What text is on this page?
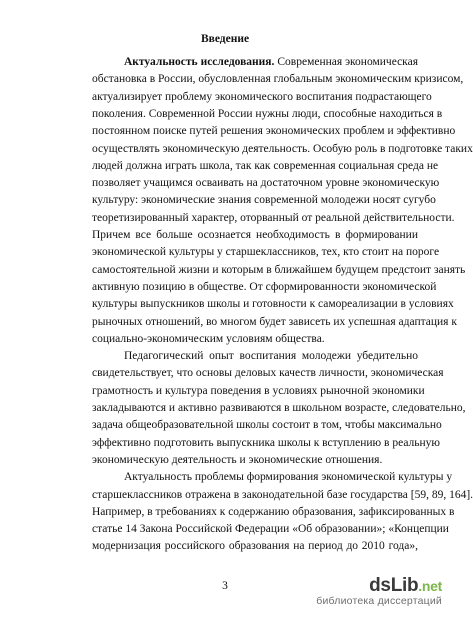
Введение
Актуальность исследования. Современная экономическая
обстановка в России, обусловленная глобальным экономическим кризисом,
актуализирует проблему экономического воспитания подрастающего
поколения. Современной России нужны люди, способные находиться в
постоянном поиске путей решения экономических проблем и эффективно
осуществлять экономическую деятельность. Особую роль в подготовке таких
людей должна играть школа, так как современная социальная среда не
позволяет учащимся осваивать на достаточном уровне экономическую
культуру: экономические знания современной молодежи носят сугубо
теоретизированный характер, оторванный от реальной действительности.
Причем все больше осознается необходимость в формировании
экономической культуры у старшеклассников, тех, кто стоит на пороге
самостоятельной жизни и которым в ближайшем будущем предстоит занять
активную позицию в обществе. От сформированности экономической
культуры выпускников школы и готовности к самореализации в условиях
рыночных отношений, во многом будет зависеть их успешная адаптация к
социально-экономическим условиям общества.
Педагогический опыт воспитания молодежи убедительно
свидетельствует, что основы деловых качеств личности, экономическая
грамотность и культура поведения в условиях рыночной экономики
закладываются и активно развиваются в школьном возрасте, следовательно,
задача общеобразовательной школы состоит в том, чтобы максимально
эффективно подготовить выпускника школы к вступлению в реальную
экономическую деятельность и экономические отношения.
Актуальность проблемы формирования экономической культуры у
старшеклассников отражена в законодательной базе государства [59, 89, 164].
Например, в требованиях к содержанию образования, зафиксированных в
статье 14 Закона Российской Федерации «Об образовании»; «Концепции
модернизация российского образования на период до 2010 года»,
3	ds Lib .net
библиотека диссертаций
